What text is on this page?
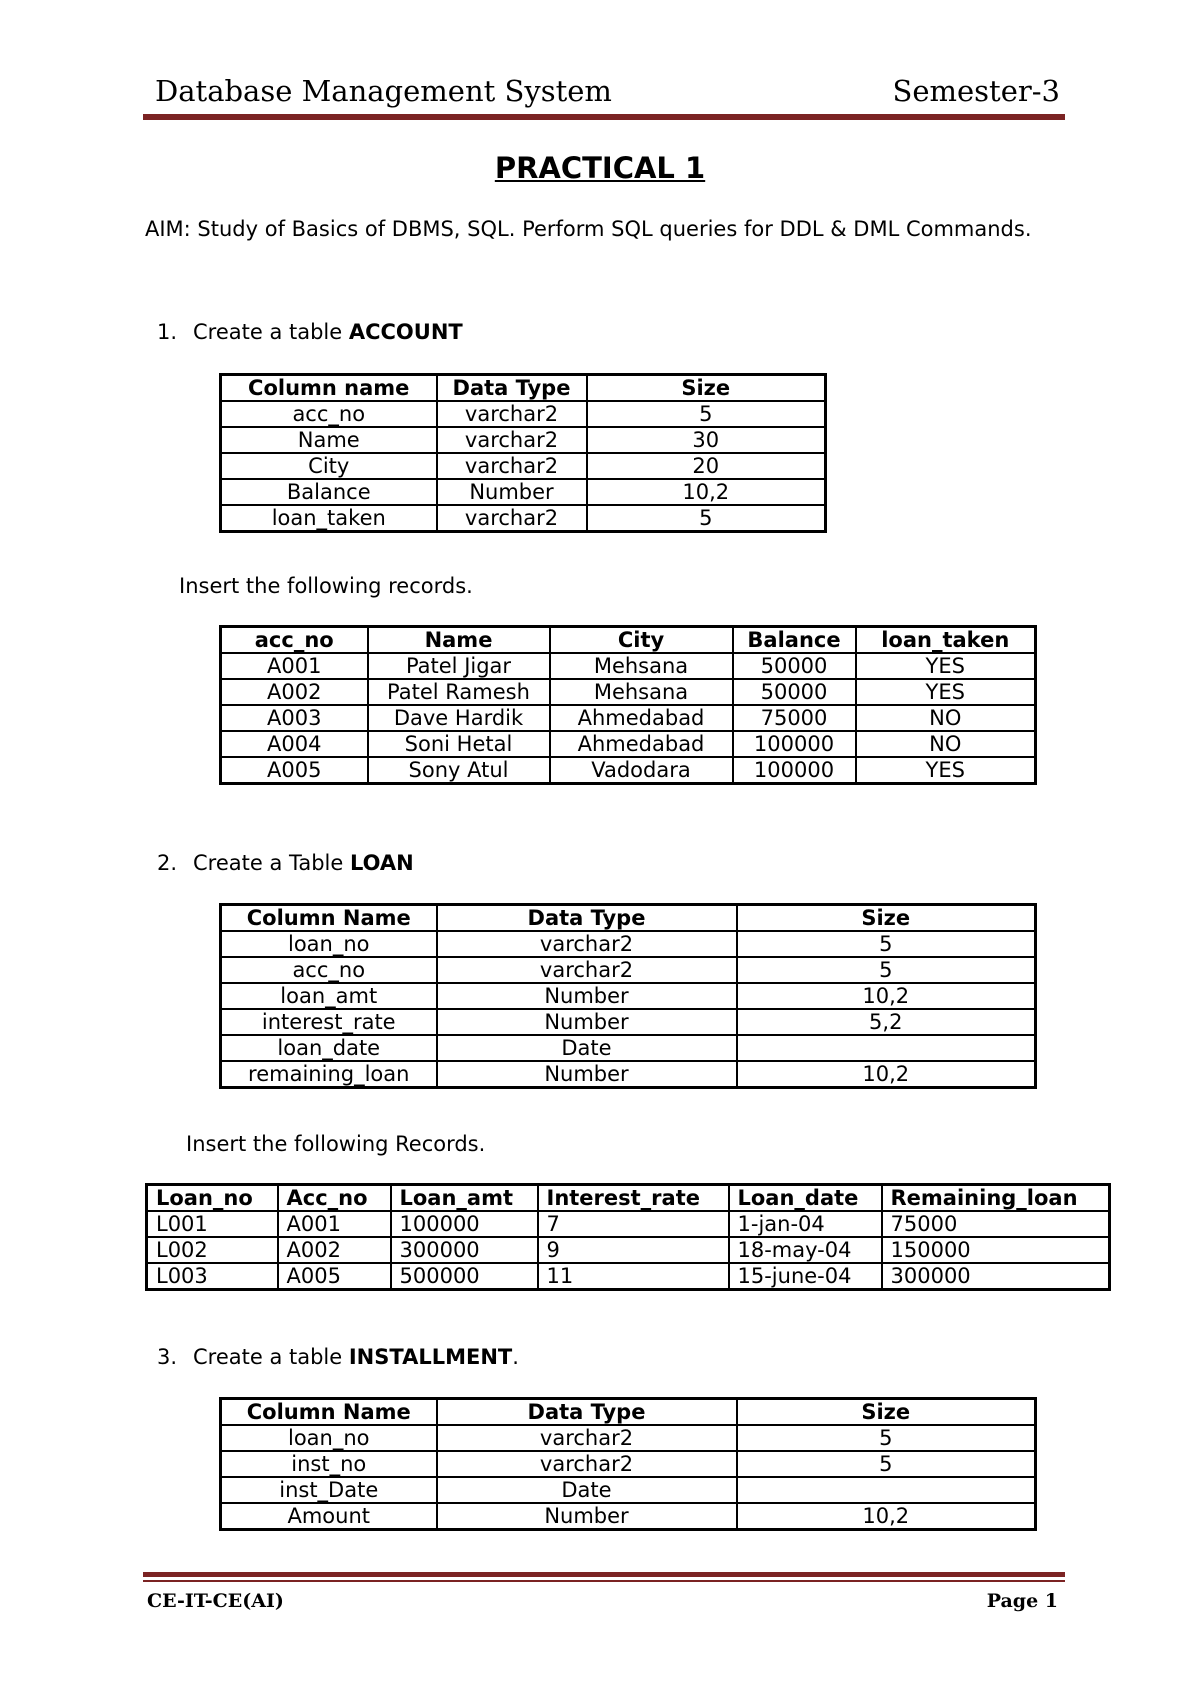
Database Management System	Semester-3
PRACTICAL 1
AIM: Study of Basics of DBMS, SQL. Perform SQL queries for DDL & DML Commands.
1. Create a table ACCOUNT
Column name	Data Type	Size
acc_no	varchar2	5
Name	varchar2	30
City	varchar2	20
Balance	Number	10,2
loan_taken	varchar2	5
Insert the following records.
acc_no	Name	City	Balance	loan_taken
A001	Patel Jigar	Mehsana	50000	YES
A002	Patel Ramesh	Mehsana	50000	YES
A003	Dave Hardik	Ahmedabad	75000	NO
A004	Soni Hetal	Ahmedabad	100000	NO
A005	Sony Atul	Vadodara	100000	YES
2. Create a Table LOAN
Column Name	Data Type	Size
loan_no	varchar2	5
acc_no	varchar2	5
loan_amt	Number	10,2
interest_rate	Number	5,2
loan_date	Date	
remaining_loan	Number	10,2
Insert the following Records.
Loan_no	Acc_no	Loan_amt	Interest_rate	Loan_date	Remaining_loan
L001	A001	100000	7	1-jan-04	75000
L002	A002	300000	9	18-may-04	150000
L003	A005	500000	11	15-june-04	300000
3. Create a table INSTALLMENT.
Column Name	Data Type	Size
loan_no	varchar2	5
inst_no	varchar2	5
inst_Date	Date	
Amount	Number	10,2
CE-IT-CE(AI)	Page 1
